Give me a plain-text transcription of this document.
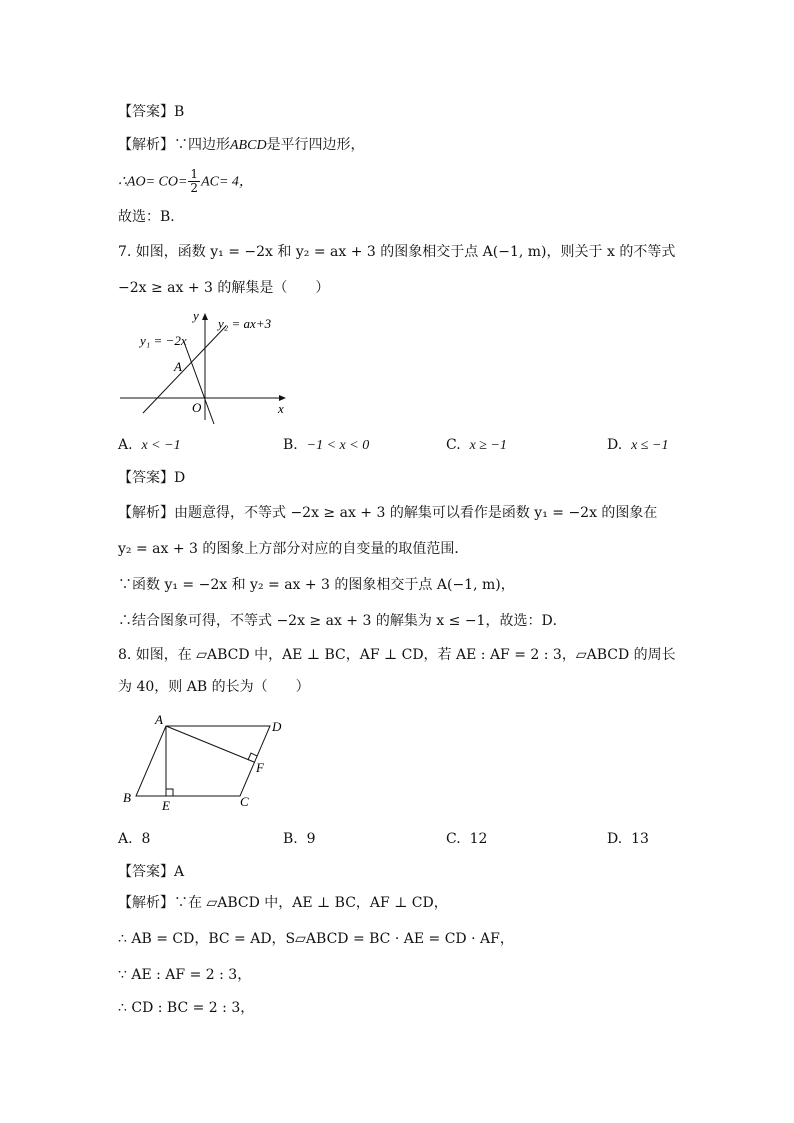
【答案】B
【解析】∵四边形ABCD是平行四边形，
∴AO= $CO= \frac{1}{2} AC= 4$，
故选：B．
7. 如图，函数 y₁ = −2x 和 y₂ = ax + 3 的图象相交于点 A(−1, m)，则关于 x 的不等式
−2x ≥ ax + 3 的解集是（　　）
y₂ = ax+3
y₁ = −2x
y
x
A
O
A. x < −1	B. −1 < x < 0	C. x ≥ −1	D. x ≤ −1
【答案】D
【解析】由题意得，不等式 −2x ≥ ax + 3 的解集可以看作是函数 y₁ = −2x 的图象在
y₂ = ax + 3 的图象上方部分对应的自变量的取值范围．
∵函数 y₁ = −2x 和 y₂ = ax + 3 的图象相交于点 A(−1, m)，
∴结合图象可得，不等式 −2x ≥ ax + 3 的解集为 x ≤ −1，故选：D．
8. 如图，在 ▱ABCD 中，AE ⊥ BC，AF ⊥ CD，若 AE : AF = 2 : 3，▱ABCD 的周长
为 40，则 AB 的长为（　　）
A	D
B	C
E
F
A. 8	B. 9	C. 12	D. 13
【答案】A
【解析】∵在 ▱ABCD 中，AE ⊥ BC，AF ⊥ CD，
∴ AB = CD，BC = AD，S▱ABCD = BC · AE = CD · AF，
∵ AE : AF = 2 : 3，
∴ CD : BC = 2 : 3，
